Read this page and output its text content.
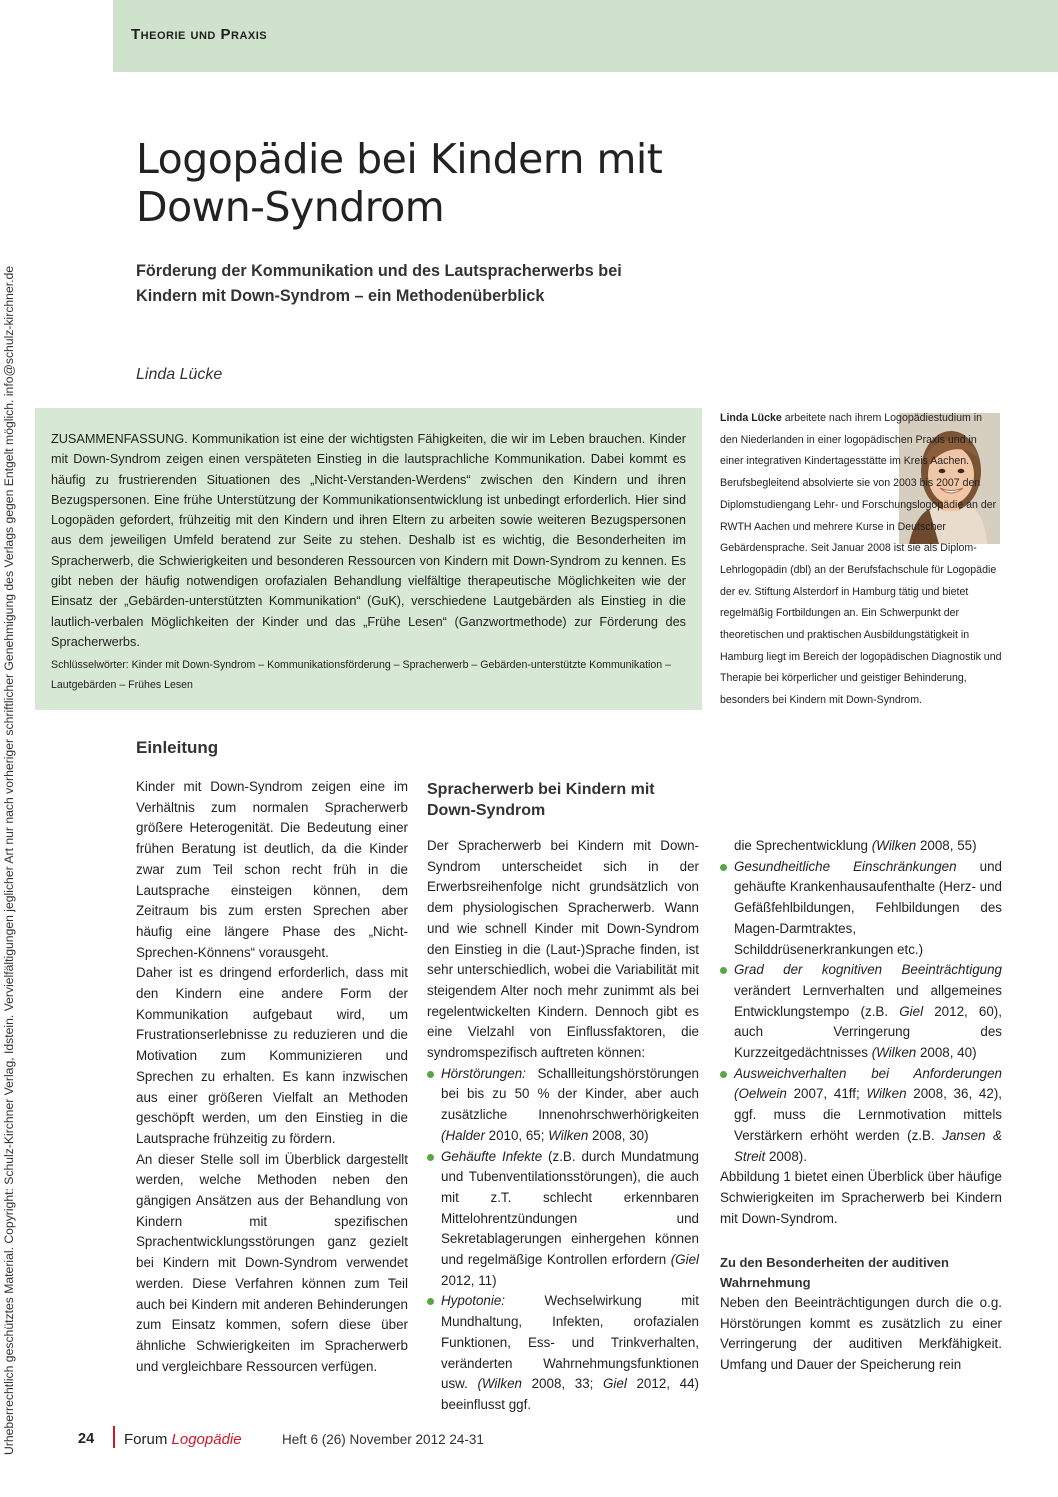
Theorie und Praxis
Urheberrechtlich geschütztes Material. Copyright: Schulz-Kirchner Verlag, Idstein. Vervielfältigungen jeglicher Art nur nach vorheriger schriftlicher Genehmigung des Verlags gegen Entgelt möglich. info@schulz-kirchner.de
Logopädie bei Kindern mit Down-Syndrom
Förderung der Kommunikation und des Lautspracherwerbs bei Kindern mit Down-Syndrom – ein Methodenüberblick
Linda Lücke
ZUSAMMENFASSUNG. Kommunikation ist eine der wichtigsten Fähigkeiten, die wir im Leben brauchen. Kinder mit Down-Syndrom zeigen einen verspäteten Einstieg in die lautsprachliche Kommunikation. Dabei kommt es häufig zu frustrierenden Situationen des „Nicht-Verstanden-Werdens“ zwischen den Kindern und ihren Bezugspersonen. Eine frühe Unterstützung der Kommunikationsentwicklung ist unbedingt erforderlich. Hier sind Logopäden gefordert, frühzeitig mit den Kindern und ihren Eltern zu arbeiten sowie weiteren Bezugspersonen aus dem jeweiligen Umfeld beratend zur Seite zu stehen. Deshalb ist es wichtig, die Besonderheiten im Spracherwerb, die Schwierigkeiten und besonderen Ressourcen von Kindern mit Down-Syndrom zu kennen. Es gibt neben der häufig notwendigen orofazialen Behandlung vielfältige therapeutische Möglichkeiten wie der Einsatz der „Gebärden-unterstützten Kommunikation“ (GuK), verschiedene Lautgebärden als Einstieg in die lautlich-verbalen Möglichkeiten der Kinder und das „Frühe Lesen“ (Ganzwortmethode) zur Förderung des Spracherwerbs.
Schlüsselwörter: Kinder mit Down-Syndrom – Kommunikationsförderung – Spracherwerb – Gebärden-unterstützte Kommunikation – Lautgebärden – Frühes Lesen

Linda Lücke arbeitete nach ihrem Logopädiestudium in den Niederlanden in einer logopädischen Praxis und in einer integrativen Kindertagesstätte im Kreis Aachen. Berufsbegleitend absolvierte sie von 2003 bis 2007 den Diplomstudiengang Lehr- und Forschungslogopädie an der RWTH Aachen und mehrere Kurse in Deutscher Gebärdensprache. Seit Januar 2008 ist sie als Diplom-Lehrlogopädin (dbl) an der Berufsfachschule für Logopädie der ev. Stiftung Alsterdorf in Hamburg tätig und bietet regelmäßig Fortbildungen an. Ein Schwerpunkt der theoretischen und praktischen Ausbildungstätigkeit in Hamburg liegt im Bereich der logopädischen Diagnostik und Therapie bei körperlicher und geistiger Behinderung, besonders bei Kindern mit Down-Syndrom.

Einleitung

Kinder mit Down-Syndrom zeigen eine im Verhältnis zum normalen Spracherwerb größere Heterogenität. Die Bedeutung einer frühen Beratung ist deutlich, da die Kinder zwar zum Teil schon recht früh in die Lautsprache einsteigen können, dem Zeitraum bis zum ersten Sprechen aber häufig eine längere Phase des „Nicht-Sprechen-Könnens“ vorausgeht.

Daher ist es dringend erforderlich, dass mit den Kindern eine andere Form der Kommunikation aufgebaut wird, um Frustrationserlebnisse zu reduzieren und die Motivation zum Kommunizieren und Sprechen zu erhalten. Es kann inzwischen aus einer größeren Vielfalt an Methoden geschöpft werden, um den Einstieg in die Lautsprache frühzeitig zu fördern.

An dieser Stelle soll im Überblick dargestellt werden, welche Methoden neben den gängigen Ansätzen aus der Behandlung von Kindern mit spezifischen Sprachentwicklungsstörungen ganz gezielt bei Kindern mit Down-Syndrom verwendet werden. Diese Verfahren können zum Teil auch bei Kindern mit anderen Behinderungen zum Einsatz kommen, sofern diese über ähnliche Schwierigkeiten im Spracherwerb und vergleichbare Ressourcen verfügen.

Spracherwerb bei Kindern mit Down-Syndrom

Der Spracherwerb bei Kindern mit Down-Syndrom unterscheidet sich in der Erwerbsreihenfolge nicht grundsätzlich von dem physiologischen Spracherwerb. Wann und wie schnell Kinder mit Down-Syndrom den Einstieg in die (Laut-)Sprache finden, ist sehr unterschiedlich, wobei die Variabilität mit steigendem Alter noch mehr zunimmt als bei regelentwickelten Kindern. Dennoch gibt es eine Vielzahl von Einflussfaktoren, die syndromspezifisch auftreten können:

Hörstörungen: Schallleitungshörstörungen bei bis zu 50 % der Kinder, aber auch zusätzliche Innenohrschwerhörigkeiten (Halder 2010, 65; Wilken 2008, 30)
Gehäufte Infekte (z.B. durch Mundatmung und Tubenventilationsstörungen), die auch mit z.T. schlecht erkennbaren Mittelohrentzündungen und Sekretablagerungen einhergehen können und regelmäßige Kontrollen erfordern (Giel 2012, 11)
Hypotonie: Wechselwirkung mit Mundhaltung, Infekten, orofazialen Funktionen, Ess- und Trinkverhalten, veränderten Wahrnehmungsfunktionen usw. (Wilken 2008, 33; Giel 2012, 44) beeinflusst ggf.

die Sprechentwicklung (Wilken 2008, 55)

Gesundheitliche Einschränkungen und gehäufte Krankenhausaufenthalte (Herz- und Gefäßfehlbildungen, Fehlbildungen des Magen-Darmtraktes, Schilddrüsenerkrankungen etc.)
Grad der kognitiven Beeinträchtigung verändert Lernverhalten und allgemeines Entwicklungstempo (z.B. Giel 2012, 60), auch Verringerung des Kurzzeitgedächtnisses (Wilken 2008, 40)
Ausweichverhalten bei Anforderungen (Oelwein 2007, 41ff; Wilken 2008, 36, 42), ggf. muss die Lernmotivation mittels Verstärkern erhöht werden (z.B. Jansen & Streit 2008).

Abbildung 1 bietet einen Überblick über häufige Schwierigkeiten im Spracherwerb bei Kindern mit Down-Syndrom.

Zu den Besonderheiten der auditiven Wahrnehmung

Neben den Beeinträchtigungen durch die o.g. Hörstörungen kommt es zusätzlich zu einer Verringerung der auditiven Merkfähigkeit. Umfang und Dauer der Speicherung rein

24 Forum Logopädie	Heft 6 (26) November 2012 24-31
